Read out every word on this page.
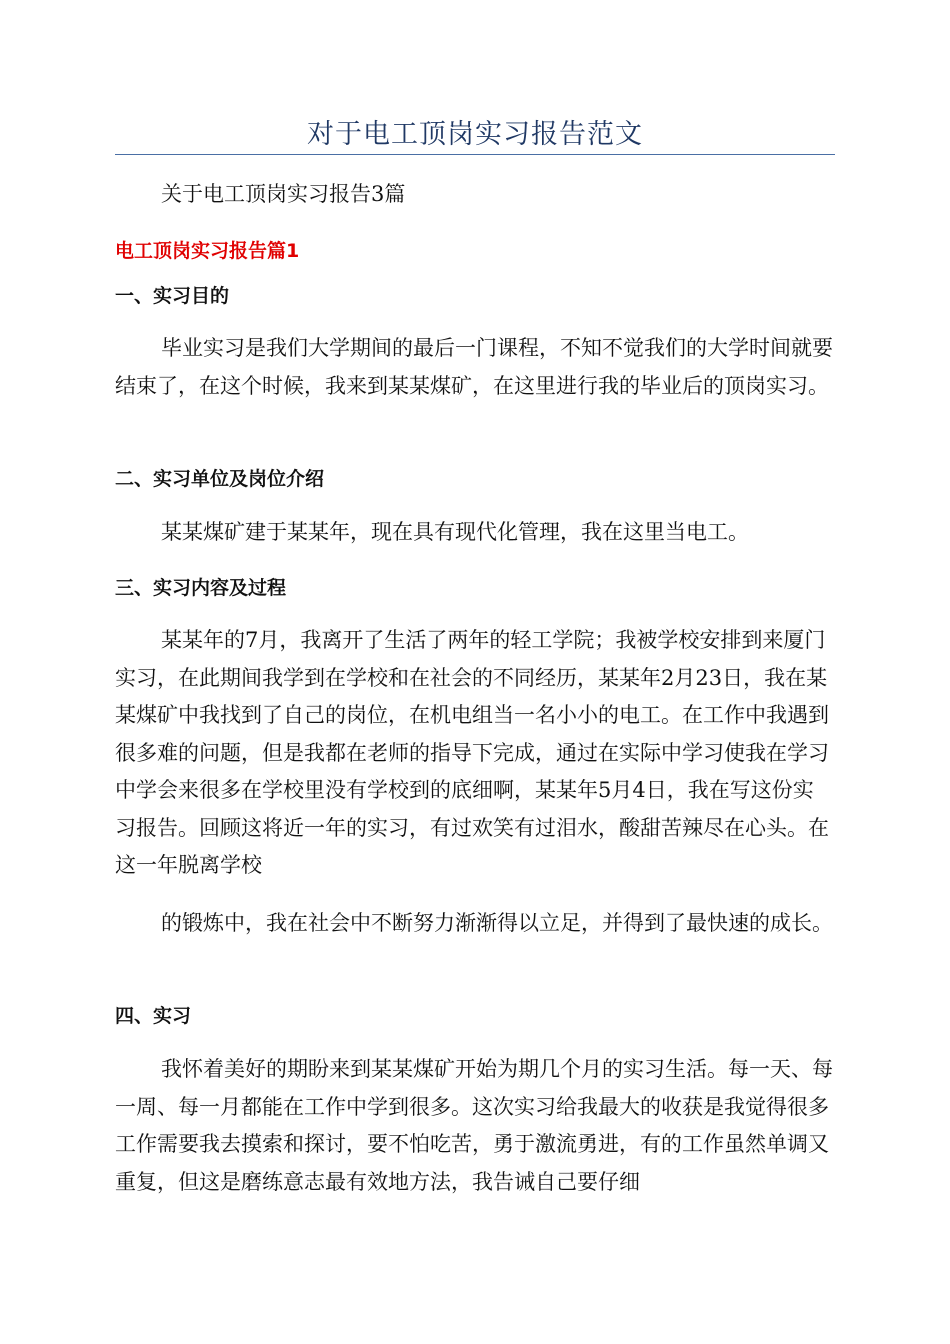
对于电工顶岗实习报告范文

关于电工顶岗实习报告3篇

电工顶岗实习报告篇1
一、实习目的

毕业实习是我们大学期间的最后一门课程，不知不觉我们的大学时间就要结束了，在这个时候，我来到某某煤矿，在这里进行我的毕业后的顶岗实习。

二、实习单位及岗位介绍

某某煤矿建于某某年，现在具有现代化管理，我在这里当电工。

三、实习内容及过程

某某年的7月，我离开了生活了两年的轻工学院；我被学校安排到来厦门实习，在此期间我学到在学校和在社会的不同经历，某某年2月23日，我在某某煤矿中我找到了自己的岗位，在机电组当一名小小的电工。在工作中我遇到很多难的问题，但是我都在老师的指导下完成，通过在实际中学习使我在学习中学会来很多在学校里没有学校到的底细啊，某某年5月4日，我在写这份实习报告。回顾这将近一年的实习，有过欢笑有过泪水，酸甜苦辣尽在心头。在这一年脱离学校

的锻炼中，我在社会中不断努力渐渐得以立足，并得到了最快速的成长。

四、实习

我怀着美好的期盼来到某某煤矿开始为期几个月的实习生活。每一天、每一周、每一月都能在工作中学到很多。这次实习给我最大的收获是我觉得很多工作需要我去摸索和探讨，要不怕吃苦，勇于激流勇进，有的工作虽然单调又重复，但这是磨练意志最有效地方法，我告诫自己要仔细
